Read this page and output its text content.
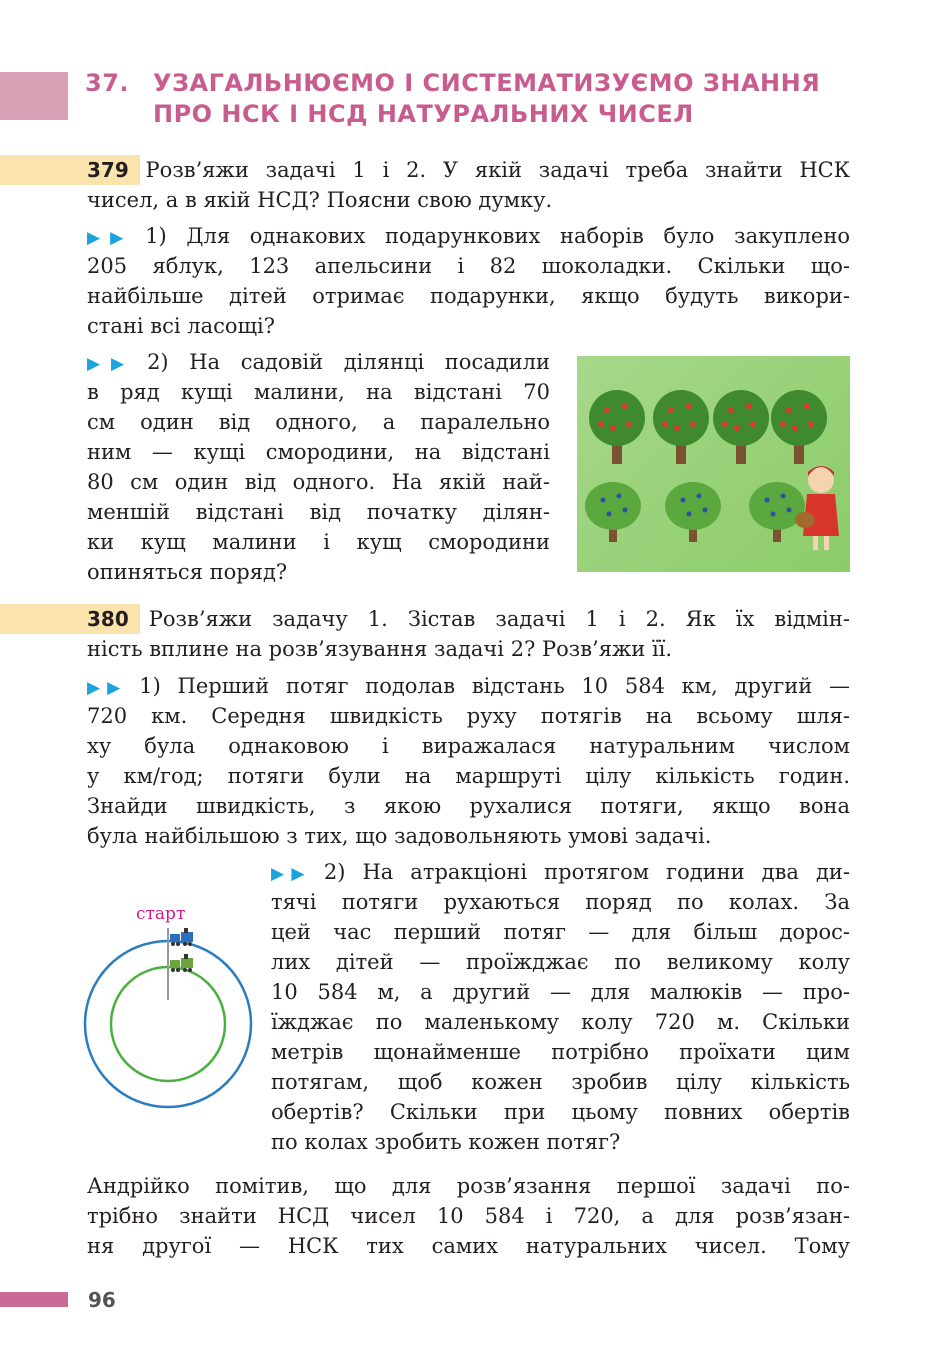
37. УЗАГАЛЬНЮЄМО І СИСТЕМАТИЗУЄМО ЗНАННЯ
ПРО НСК І НСД НАТУРАЛЬНИХ ЧИСЕЛ
379 Розв’яжи задачі 1 і 2. У якій задачі треба знайти НСК
чисел, а в якій НСД? Поясни свою думку.
▶▶ 1) Для однакових подарункових наборів було закуплено
205 яблук, 123 апельсини і 82 шоколадки. Скільки що-
найбільше дітей отримає подарунки, якщо будуть викори-
стані всі ласощі?
▶▶ 2) На садовій ділянці посадили
в ряд кущі малини, на відстані 70
см один від одного, а паралельно
ним — кущі смородини, на відстані
80 см один від одного. На якій най-
меншій відстані від початку ділян-
ки кущ малини і кущ смородини
опиняться поряд?
380 Розв’яжи задачу 1. Зістав задачі 1 і 2. Як їх відмін-
ність вплине на розв’язування задачі 2? Розв’яжи її.
▶▶ 1) Перший потяг подолав відстань 10 584 км, другий —
720 км. Середня швидкість руху потягів на всьому шля-
ху була однаковою і виражалася натуральним числом
у км/год; потяги були на маршруті цілу кількість годин.
Знайди швидкість, з якою рухалися потяги, якщо вона
була найбільшою з тих, що задовольняють умові задачі.
▶▶ 2) На атракціоні протягом години два ди-
тячі потяги рухаються поряд по колах. За
цей час перший потяг — для більш дорос-
лих дітей — проїжджає по великому колу
10 584 м, а другий — для малюків — про-
їжджає по маленькому колу 720 м. Скільки
метрів щонайменше потрібно проїхати цим
потягам, щоб кожен зробив цілу кількість
обертів? Скільки при цьому повних обертів
по колах зробить кожен потяг?
старт
Андрійко помітив, що для розв’язання першої задачі по-
трібно знайти НСД чисел 10 584 і 720, а для розв’язан-
ня другої — НСК тих самих натуральних чисел. Тому
96
